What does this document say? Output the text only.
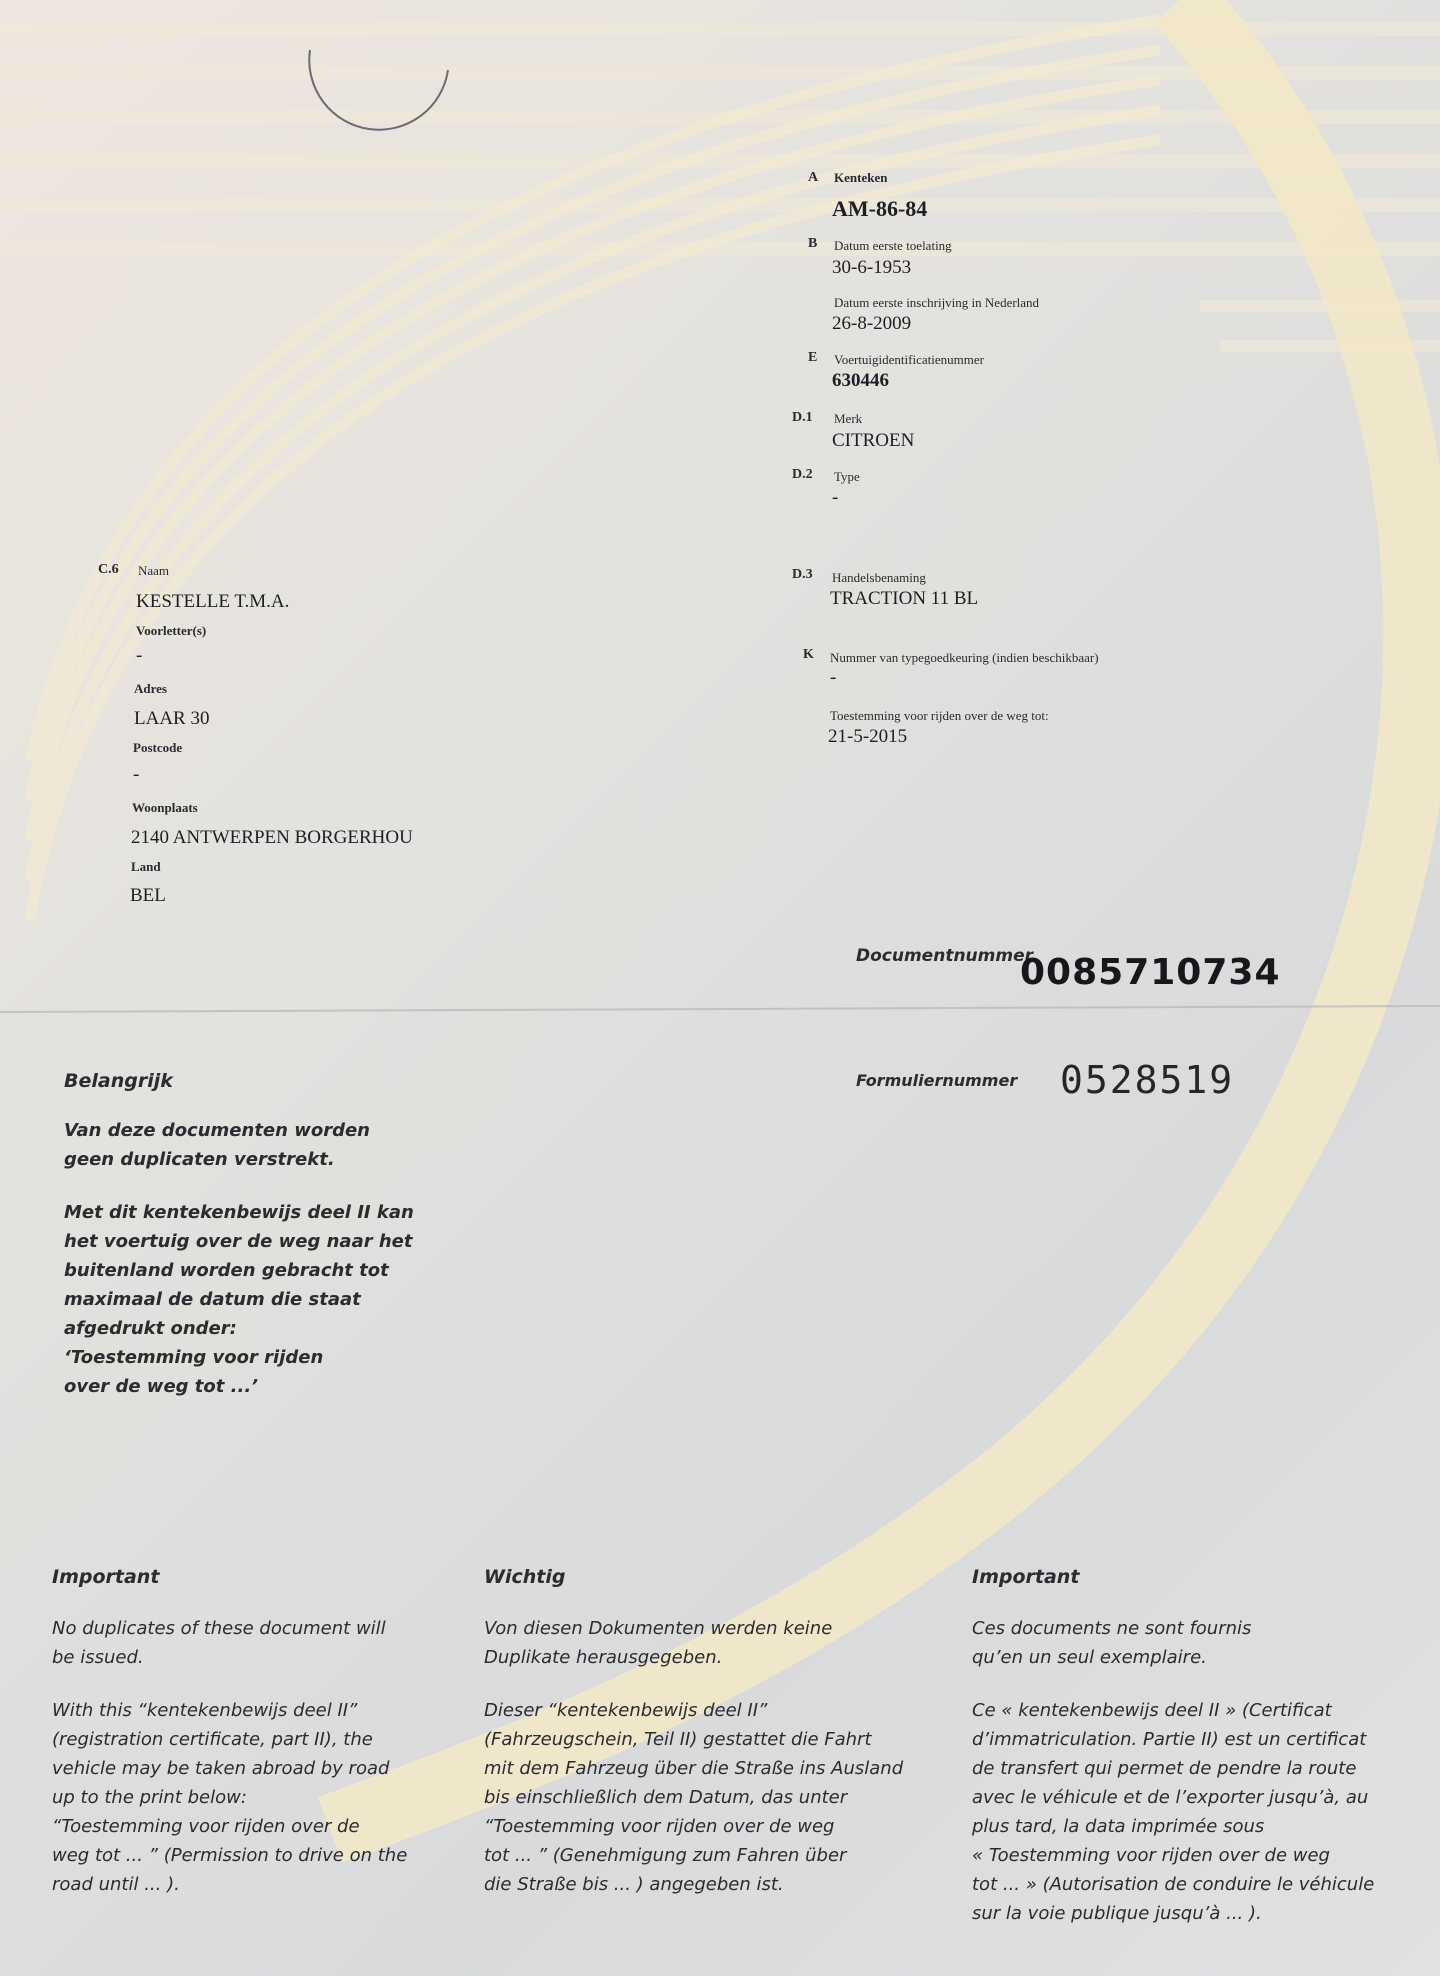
A Kenteken
AM-86-84
B Datum eerste toelating
30-6-1953
Datum eerste inschrijving in Nederland
26-8-2009
E Voertuigidentificatienummer
630446
D.1 Merk
CITROEN
D.2 Type
-
D.3 Handelsbenaming
TRACTION 11 BL
K Nummer van typegoedkeuring (indien beschikbaar)
-
Toestemming voor rijden over de weg tot:
21-5-2015
C.6 Naam
KESTELLE T.M.A.
Voorletter(s)
-
Adres
LAAR 30
Postcode
-
Woonplaats
2140 ANTWERPEN BORGERHOU
Land
BEL
Documentnummer
0085710734
Formuliernummer 0528519
Belangrijk

Van deze documenten worden

geen duplicaten verstrekt.

Met dit kentekenbewijs deel II kan

het voertuig over de weg naar het

buitenland worden gebracht tot

maximaal de datum die staat

afgedrukt onder:

‘Toestemming voor rijden

over de weg tot ...’

Important

No duplicates of these document will

be issued.

With this “kentekenbewijs deel II”

(registration certificate, part II), the

vehicle may be taken abroad by road

up to the print below:

“Toestemming voor rijden over de

weg tot ... ” (Permission to drive on the

road until ... ).

Wichtig

Von diesen Dokumenten werden keine

Duplikate herausgegeben.

Dieser “kentekenbewijs deel II”

(Fahrzeugschein, Teil II) gestattet die Fahrt

mit dem Fahrzeug über die Straße ins Ausland

bis einschließlich dem Datum, das unter

“Toestemming voor rijden over de weg

tot ... ” (Genehmigung zum Fahren über

die Straße bis ... ) angegeben ist.

Important

Ces documents ne sont fournis

qu’en un seul exemplaire.

Ce « kentekenbewijs deel II » (Certificat

d’immatriculation. Partie II) est un certificat

de transfert qui permet de pendre la route

avec le véhicule et de l’exporter jusqu’à, au

plus tard, la data imprimée sous

« Toestemming voor rijden over de weg

tot ... » (Autorisation de conduire le véhicule

sur la voie publique jusqu’à ... ).
